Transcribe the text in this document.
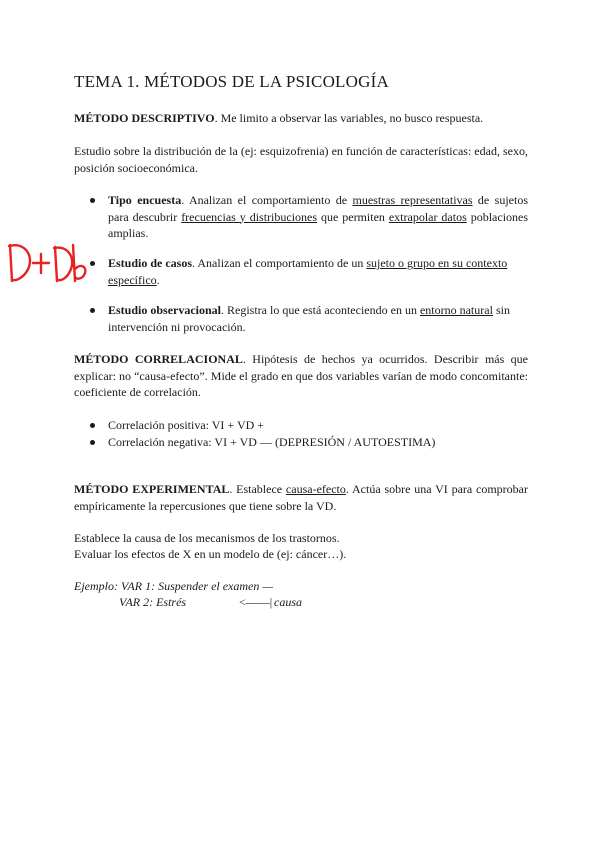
TEMA 1. MÉTODOS DE LA PSICOLOGÍA
MÉTODO DESCRIPTIVO. Me limito a observar las variables, no busco respuesta.
Estudio sobre la distribución de la (ej: esquizofrenia) en función de características: edad, sexo, posición socioeconómica.
Tipo encuesta. Analizan el comportamiento de muestras representativas de sujetos para descubrir frecuencias y distribuciones que permiten extrapolar datos poblaciones amplias.
Estudio de casos. Analizan el comportamiento de un sujeto o grupo en su contexto específico.
Estudio observacional. Registra lo que está aconteciendo en un entorno natural sin intervención ni provocación.
MÉTODO CORRELACIONAL. Hipótesis de hechos ya ocurridos. Describir más que explicar: no “causa-efecto”. Mide el grado en que dos variables varían de modo concomitante: coeficiente de correlación.
Correlación positiva: VI + VD +
Correlación negativa: VI + VD — (DEPRESIÓN / AUTOESTIMA)
MÉTODO EXPERIMENTAL. Establece causa-efecto. Actúa sobre una VI para comprobar empíricamente la repercusiones que tiene sobre la VD.
Establece la causa de los mecanismos de los trastornos.
Evaluar los efectos de X en un modelo de (ej: cáncer…).
Ejemplo: VAR 1: Suspender el examen —
VAR 2: Estrés	<——| causa
